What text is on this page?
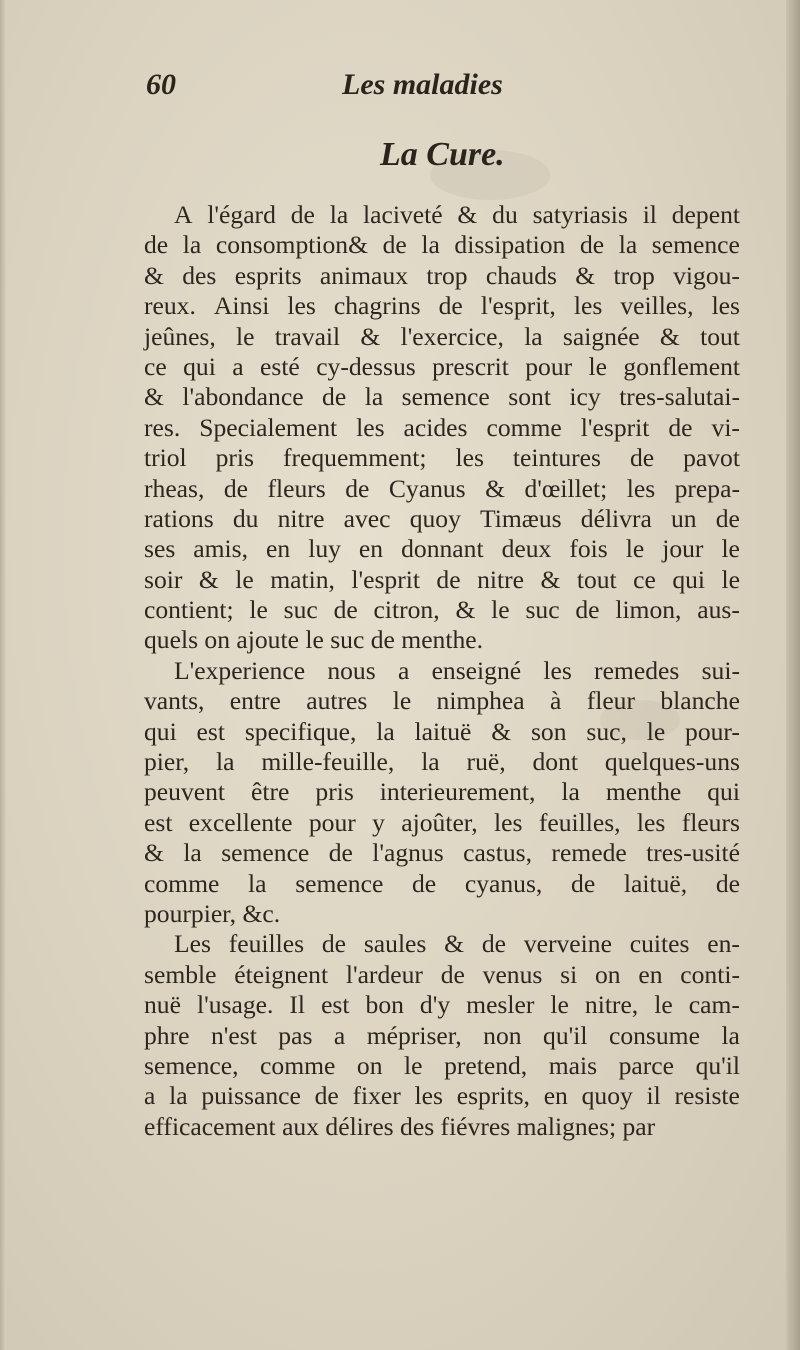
60	Les maladies
La Cure.
A l'égard de la laciveté & du satyriasis il depent
de la consomption& de la dissipation de la semence
& des esprits animaux trop chauds & trop vigou-
reux. Ainsi les chagrins de l'esprit, les veilles, les
jeûnes, le travail & l'exercice, la saignée & tout
ce qui a esté cy-dessus prescrit pour le gonflement
& l'abondance de la semence sont icy tres-salutai-
res. Specialement les acides comme l'esprit de vi-
triol pris frequemment; les teintures de pavot
rheas, de fleurs de Cyanus & d'œillet; les prepa-
rations du nitre avec quoy Timæus délivra un de
ses amis, en luy en donnant deux fois le jour le
soir & le matin, l'esprit de nitre & tout ce qui le
contient; le suc de citron, & le suc de limon, aus-
quels on ajoute le suc de menthe.
L'experience nous a enseigné les remedes sui-
vants, entre autres le nimphea à fleur blanche
qui est specifique, la laituë & son suc, le pour-
pier, la mille-feuille, la ruë, dont quelques-uns
peuvent être pris interieurement, la menthe qui
est excellente pour y ajoûter, les feuilles, les fleurs
& la semence de l'agnus castus, remede tres-usité
comme la semence de cyanus, de laituë, de
pourpier, &c.
Les feuilles de saules & de verveine cuites en-
semble éteignent l'ardeur de venus si on en conti-
nuë l'usage. Il est bon d'y mesler le nitre, le cam-
phre n'est pas a mépriser, non qu'il consume la
semence, comme on le pretend, mais parce qu'il
a la puissance de fixer les esprits, en quoy il resiste
efficacement aux délires des fiévres malignes; par
